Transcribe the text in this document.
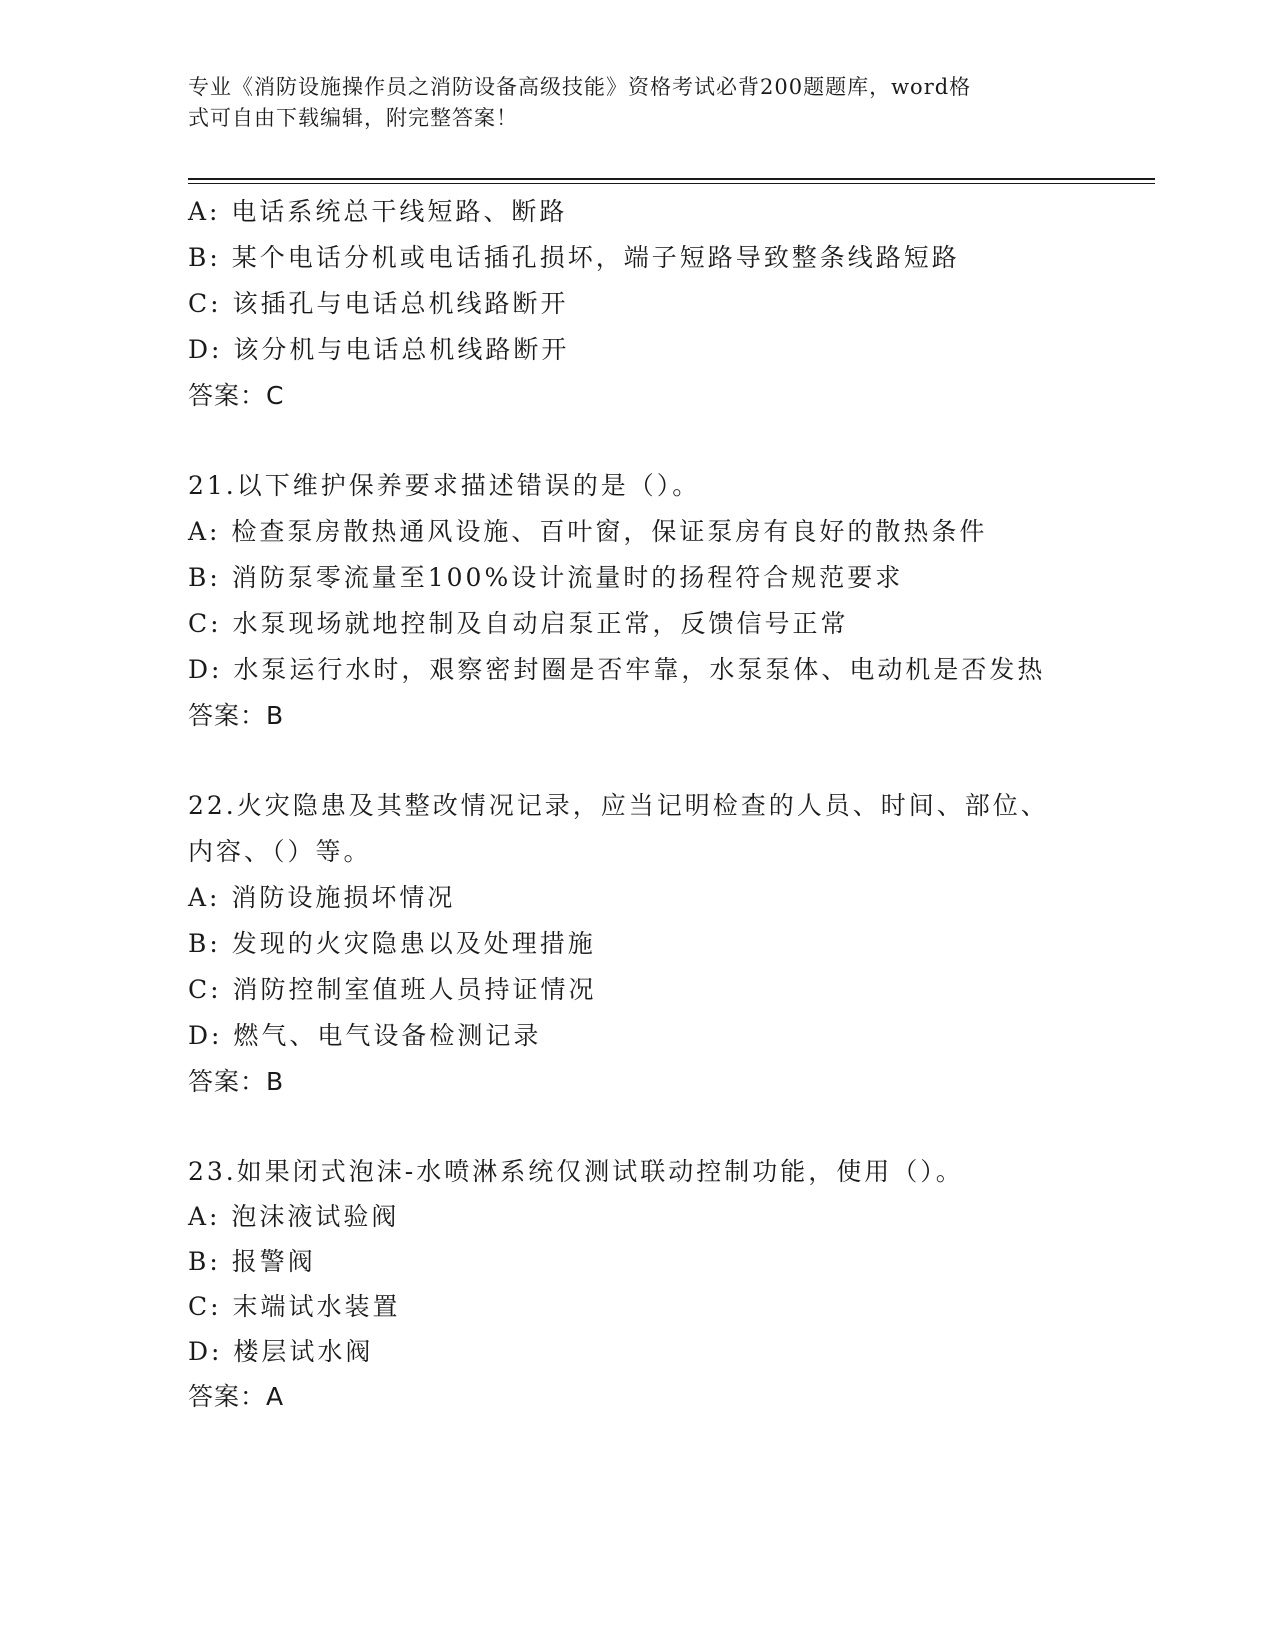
专业《消防设施操作员之消防设备高级技能》资格考试必背200题题库，word格
式可自由下载编辑，附完整答案！
A: 电话系统总干线短路、断路
B: 某个电话分机或电话插孔损坏，端子短路导致整条线路短路
C: 该插孔与电话总机线路断开
D: 该分机与电话总机线路断开
答案：C
21.以下维护保养要求描述错误的是（）。
A: 检查泵房散热通风设施、百叶窗，保证泵房有良好的散热条件
B: 消防泵零流量至100%设计流量时的扬程符合规范要求
C: 水泵现场就地控制及自动启泵正常，反馈信号正常
D: 水泵运行水时，艰察密封圈是否牢靠，水泵泵体、电动机是否发热
答案：B
22.火灾隐患及其整改情况记录，应当记明检查的人员、时间、部位、
内容、（）等。
A: 消防设施损坏情况
B: 发现的火灾隐患以及处理措施
C: 消防控制室值班人员持证情况
D: 燃气、电气设备检测记录
答案：B
23.如果闭式泡沫-水喷淋系统仅测试联动控制功能，使用（）。
A: 泡沫液试验阀
B: 报警阀
C: 末端试水装置
D: 楼层试水阀
答案：A
